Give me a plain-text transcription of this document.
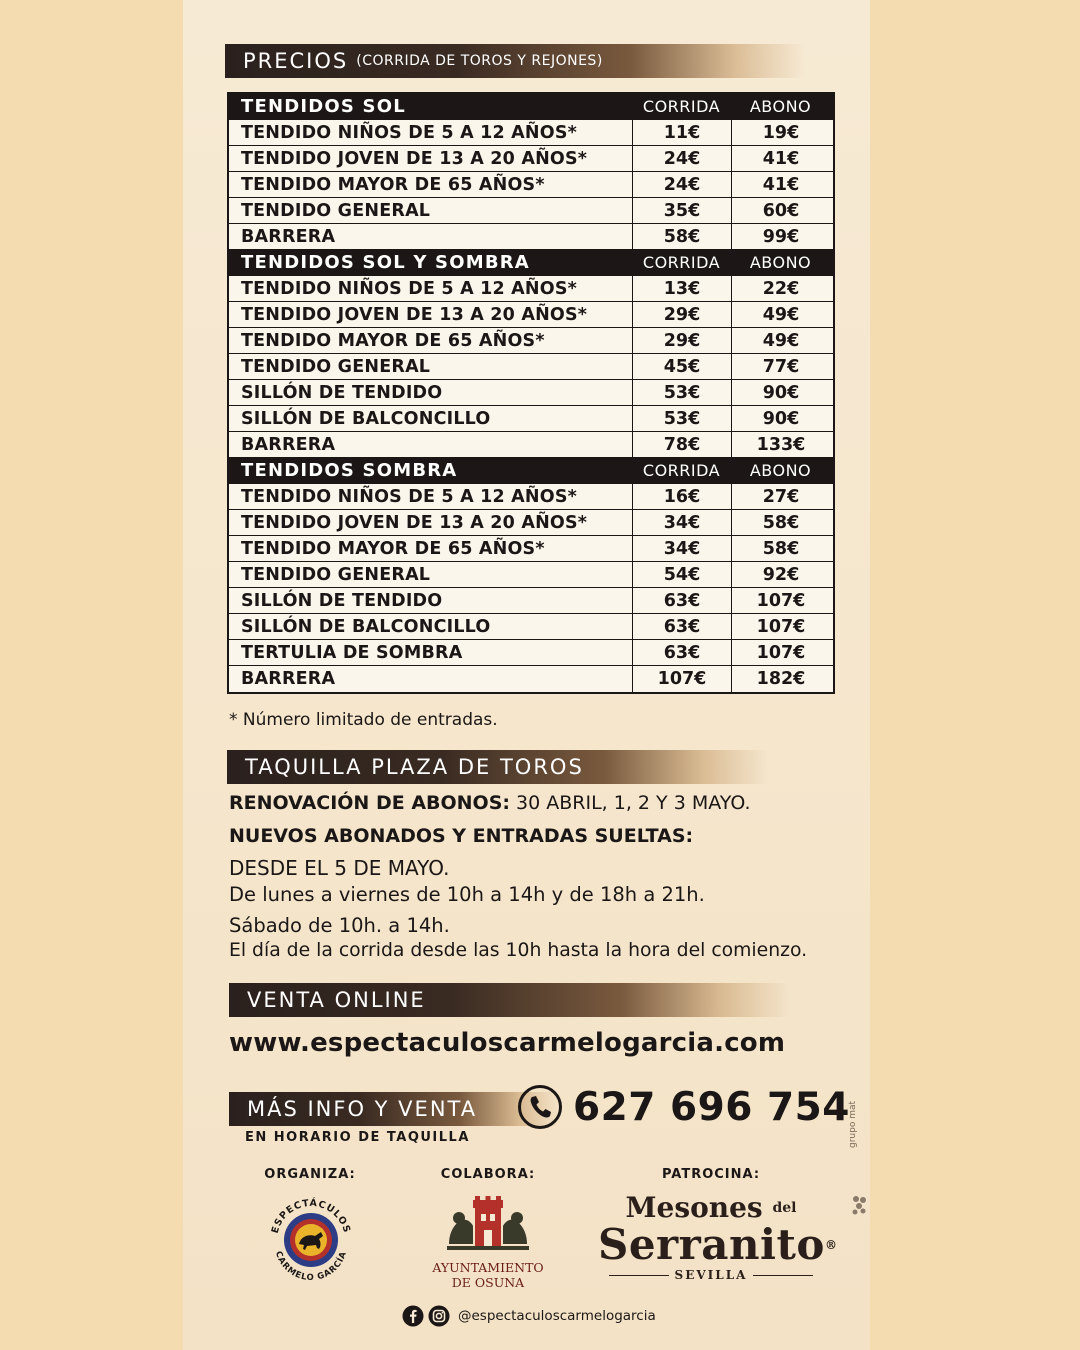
PRECIOS (CORRIDA DE TOROS Y REJONES)
TENDIDOS SOL	CORRIDA	ABONO
TENDIDO NIÑOS DE 5 A 12 AÑOS*	11€	19€
TENDIDO JOVEN DE 13 A 20 AÑOS*	24€	41€
TENDIDO MAYOR DE 65 AÑOS*	24€	41€
TENDIDO GENERAL	35€	60€
BARRERA	58€	99€
TENDIDOS SOL Y SOMBRA	CORRIDA	ABONO
TENDIDO NIÑOS DE 5 A 12 AÑOS*	13€	22€
TENDIDO JOVEN DE 13 A 20 AÑOS*	29€	49€
TENDIDO MAYOR DE 65 AÑOS*	29€	49€
TENDIDO GENERAL	45€	77€
SILLÓN DE TENDIDO	53€	90€
SILLÓN DE BALCONCILLO	53€	90€
BARRERA	78€	133€
TENDIDOS SOMBRA	CORRIDA	ABONO
TENDIDO NIÑOS DE 5 A 12 AÑOS*	16€	27€
TENDIDO JOVEN DE 13 A 20 AÑOS*	34€	58€
TENDIDO MAYOR DE 65 AÑOS*	34€	58€
TENDIDO GENERAL	54€	92€
SILLÓN DE TENDIDO	63€	107€
SILLÓN DE BALCONCILLO	63€	107€
TERTULIA DE SOMBRA	63€	107€
BARRERA	107€	182€
* Número limitado de entradas.
TAQUILLA PLAZA DE TOROS
RENOVACIÓN DE ABONOS: 30 ABRIL, 1, 2 Y 3 MAYO.
NUEVOS ABONADOS Y ENTRADAS SUELTAS:
DESDE EL 5 DE MAYO.
De lunes a viernes de 10h a 14h y de 18h a 21h.
Sábado de 10h. a 14h.
El día de la corrida desde las 10h hasta la hora del comienzo.
VENTA ONLINE
www.espectaculoscarmelogarcia.com
MÁS INFO Y VENTA 627 696 754
EN HORARIO DE TAQUILLA
ORGANIZA:	COLABORA:	PATROCINA:
ESPECTÁCULOS
CARMELO GARCÍA
AYUNTAMIENTO
DE OSUNA
Mesones $^{del}$
Serranito®
SEVILLA
@espectaculoscarmelogarcia
grupo mat
